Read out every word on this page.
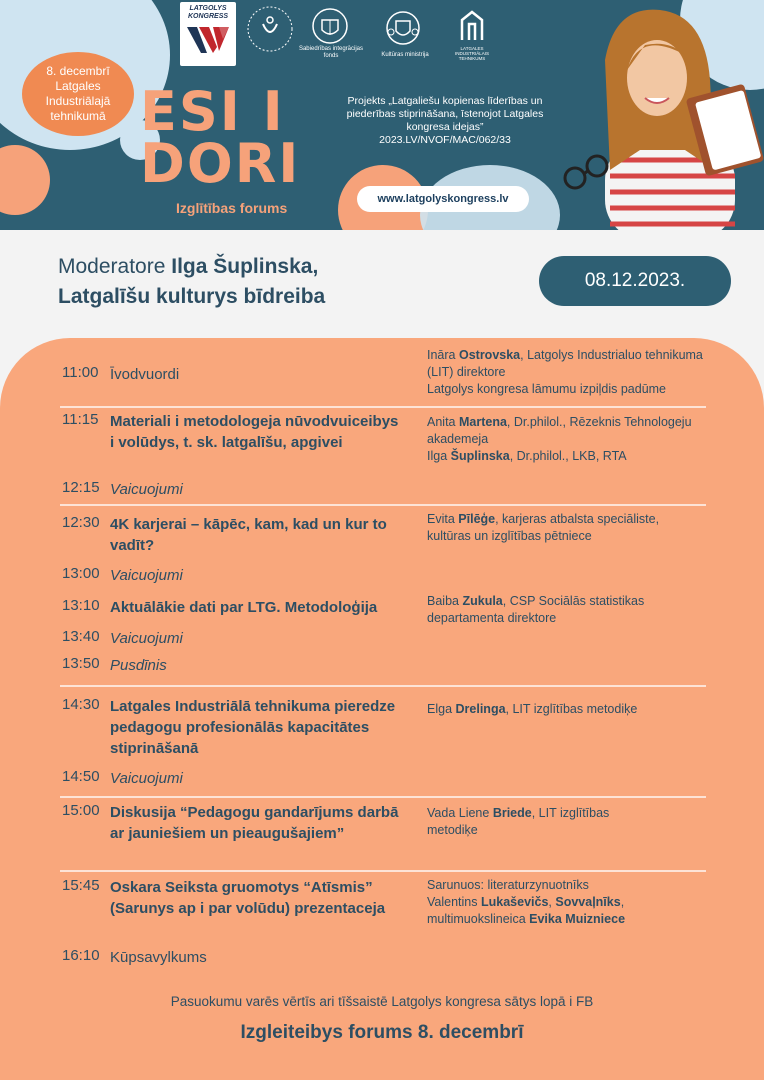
8. decembrī
Latgales
Industriālajā
tehnikumā
LATGOLYS KONGRESS
Sabiedrības integrācijas fonds	Kultūras ministrija
LATGALES INDUSTRIĀLAIS TEHNIKUMS
ESI I
DORI
Izglītības forums
Projekts „Latgaliešu kopienas līderības un piederības stiprināšana, īstenojot Latgales kongresa idejas” 2023.LV/NVOF/MAC/062/33
www.latgolyskongress.lv
Moderatore Ilga Šuplinska,
Latgalīšu kulturys bīdreiba
08.12.2023.
11:00 Īvodvuordi
Ināra Ostrovska, Latgolys Industrialuo tehnikuma (LIT) direktore
Latgolys kongresa lāmumu izpiļdis padūme
11:15 Materiali i metodologeja nūvodvuiceibys i volūdys, t. sk. latgalīšu, apgivei
Anita Martena, Dr.philol., Rēzeknis Tehnologeju akademeja
Ilga Šuplinska, Dr.philol., LKB, RTA
12:15 Vaicuojumi
12:30 4K karjerai – kāpēc, kam, kad un kur to vadīt?
Evita Pīlēģe, karjeras atbalsta speciāliste, kultūras un izglītības pētniece
13:00 Vaicuojumi
13:10 Aktuālākie dati par LTG. Metodoloģija	Baiba Zukula, CSP Sociālās statistikas departamenta direktore
13:40 Vaicuojumi
13:50 Pusdīnis
14:30 Latgales Industriālā tehnikuma pieredze pedagogu profesionālās kapacitātes stiprināšanā
Elga Drelinga, LIT izglītības metodiķe
14:50 Vaicuojumi
15:00 Diskusija “Pedagogu gandarījums darbā ar jauniešiem un pieaugušajiem”
Vada Liene Briede, LIT izglītības metodiķe
15:45 Oskara Seiksta gruomotys “Atīsmis” (Sarunys ap i par volūdu) prezentaceja
Sarunuos: literaturzynuotnīks
Valentins Lukaševičs, Sovvaļnīks,
multimuokslineica Evika Muizniece
16:10 Kūpsavylkums
Pasuokumu varēs vērtīs ari tīšsaistē Latgolys kongresa sātys lopā i FB
Izgleiteibys forums 8. decembrī
